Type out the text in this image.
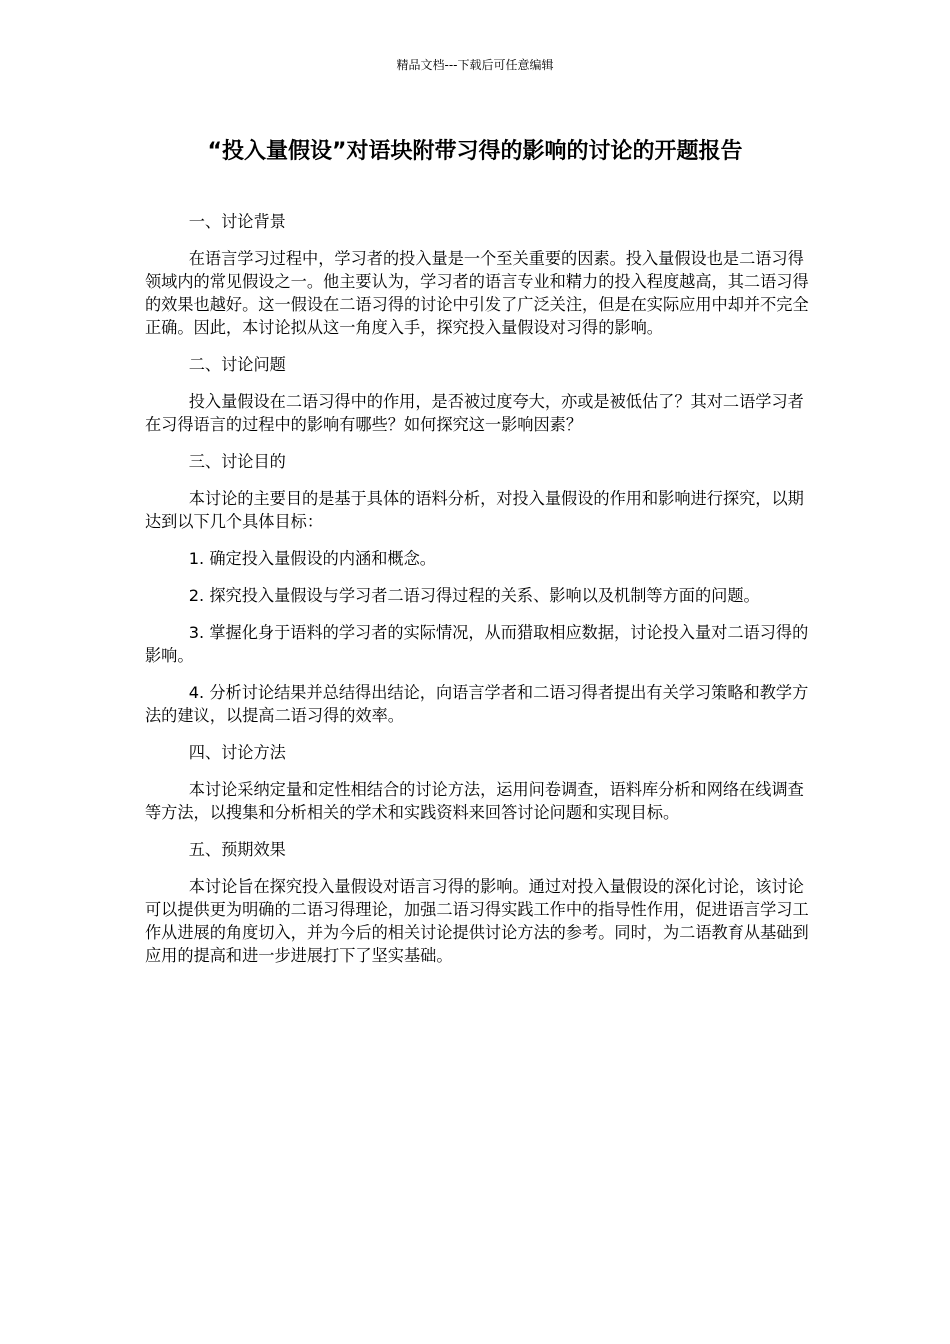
精品文档---下载后可任意编辑
“投入量假设”对语块附带习得的影响的讨论的开题报告
一、讨论背景
在语言学习过程中，学习者的投入量是一个至关重要的因素。投入量假设也是二语习得领域内的常见假设之一。他主要认为，学习者的语言专业和精力的投入程度越高，其二语习得的效果也越好。这一假设在二语习得的讨论中引发了广泛关注，但是在实际应用中却并不完全正确。因此，本讨论拟从这一角度入手，探究投入量假设对习得的影响。
二、讨论问题
投入量假设在二语习得中的作用，是否被过度夸大，亦或是被低估了？其对二语学习者在习得语言的过程中的影响有哪些？如何探究这一影响因素？
三、讨论目的
本讨论的主要目的是基于具体的语料分析，对投入量假设的作用和影响进行探究，以期达到以下几个具体目标：
1. 确定投入量假设的内涵和概念。
2. 探究投入量假设与学习者二语习得过程的关系、影响以及机制等方面的问题。
3. 掌握化身于语料的学习者的实际情况，从而猎取相应数据，讨论投入量对二语习得的影响。
4. 分析讨论结果并总结得出结论，向语言学者和二语习得者提出有关学习策略和教学方法的建议，以提高二语习得的效率。
四、讨论方法
本讨论采纳定量和定性相结合的讨论方法，运用问卷调查，语料库分析和网络在线调查等方法，以搜集和分析相关的学术和实践资料来回答讨论问题和实现目标。
五、预期效果
本讨论旨在探究投入量假设对语言习得的影响。通过对投入量假设的深化讨论，该讨论可以提供更为明确的二语习得理论，加强二语习得实践工作中的指导性作用，促进语言学习工作从进展的角度切入，并为今后的相关讨论提供讨论方法的参考。同时，为二语教育从基础到应用的提高和进一步进展打下了坚实基础。
